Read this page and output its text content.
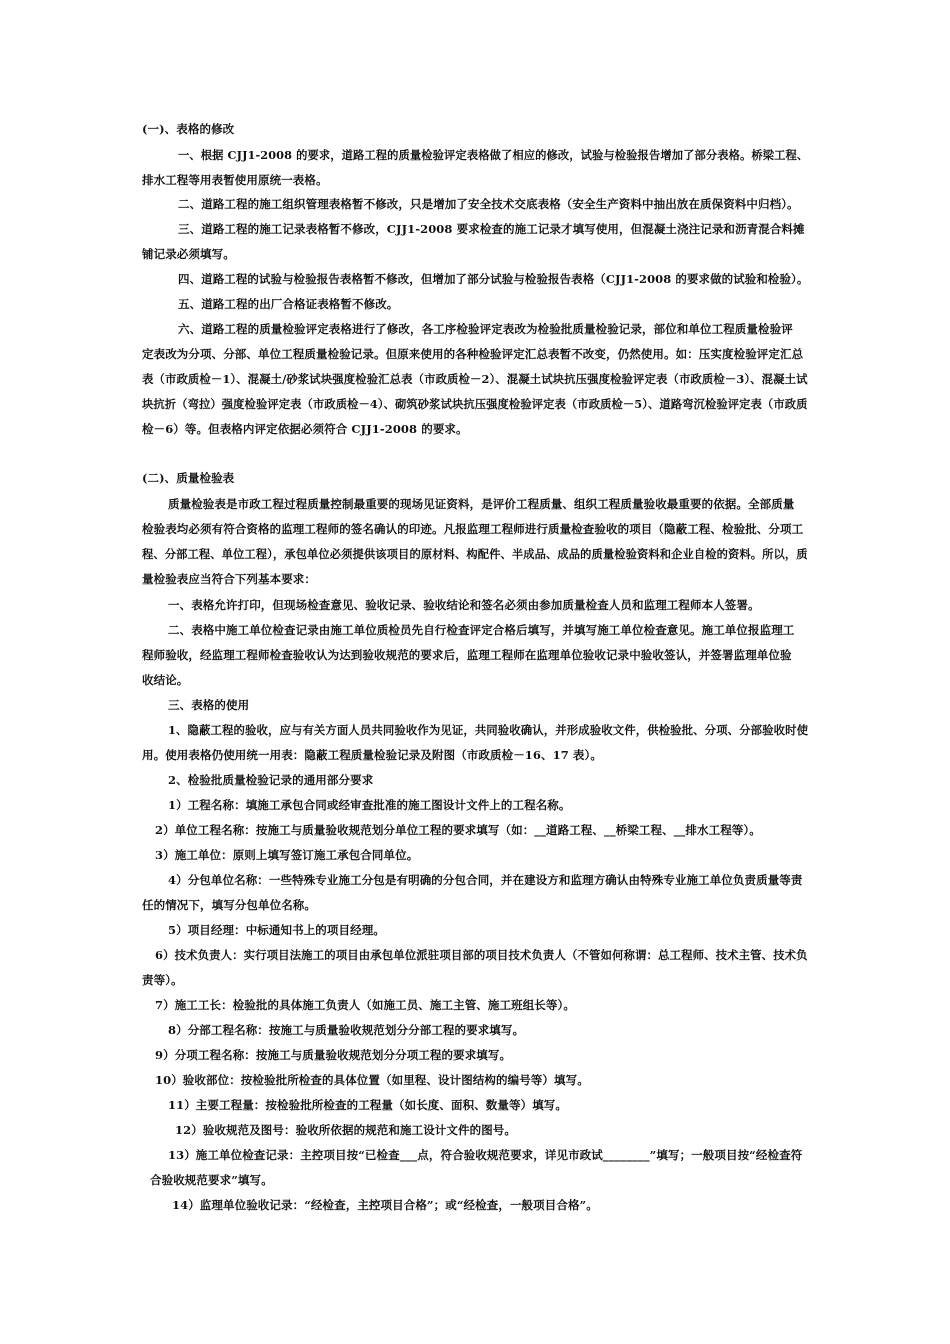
(一)、表格的修改
一、根据 CJJ1-2008 的要求，道路工程的质量检验评定表格做了相应的修改，试验与检验报告增加了部分表格。桥梁工程、
排水工程等用表暂使用原统一表格。
二、道路工程的施工组织管理表格暂不修改，只是增加了安全技术交底表格（安全生产资料中抽出放在质保资料中归档）。
三、道路工程的施工记录表格暂不修改，CJJ1-2008 要求检查的施工记录才填写使用，但混凝土浇注记录和沥青混合料摊
铺记录必须填写。
四、道路工程的试验与检验报告表格暂不修改，但增加了部分试验与检验报告表格（CJJ1-2008 的要求做的试验和检验）。
五、道路工程的出厂合格证表格暂不修改。
六、道路工程的质量检验评定表格进行了修改，各工序检验评定表改为检验批质量检验记录，部位和单位工程质量检验评
定表改为分项、分部、单位工程质量检验记录。但原来使用的各种检验评定汇总表暂不改变，仍然使用。如：压实度检验评定汇总
表（市政质检－1）、混凝土/砂浆试块强度检验汇总表（市政质检－2）、混凝土试块抗压强度检验评定表（市政质检－3）、混凝土试
块抗折（弯拉）强度检验评定表（市政质检－4）、砌筑砂浆试块抗压强度检验评定表（市政质检－5）、道路弯沉检验评定表（市政质
检－6）等。但表格内评定依据必须符合 CJJ1-2008 的要求。
(二)、质量检验表
质量检验表是市政工程过程质量控制最重要的现场见证资料，是评价工程质量、组织工程质量验收最重要的依据。全部质量
检验表均必须有符合资格的监理工程师的签名确认的印迹。凡报监理工程师进行质量检查验收的项目（隐蔽工程、检验批、分项工
程、分部工程、单位工程），承包单位必须提供该项目的原材料、构配件、半成品、成品的质量检验资料和企业自检的资料。所以，质
量检验表应当符合下列基本要求：
一、表格允许打印，但现场检查意见、验收记录、验收结论和签名必须由参加质量检查人员和监理工程师本人签署。
二、表格中施工单位检查记录由施工单位质检员先自行检查评定合格后填写，并填写施工单位检查意见。施工单位报监理工
程师验收，经监理工程师检查验收认为达到验收规范的要求后，监理工程师在监理单位验收记录中验收签认，并签署监理单位验
收结论。
三、表格的使用
1、隐蔽工程的验收，应与有关方面人员共同验收作为见证，共同验收确认，并形成验收文件，供检验批、分项、分部验收时使
用。使用表格仍使用统一用表：隐蔽工程质量检验记录及附图（市政质检－16、17 表）。
2、检验批质量检验记录的通用部分要求
1）工程名称：填施工承包合同或经审查批准的施工图设计文件上的工程名称。
2）单位工程名称：按施工与质量验收规范划分单位工程的要求填写（如：__道路工程、__桥梁工程、__排水工程等）。
3）施工单位：原则上填写签订施工承包合同单位。
4）分包单位名称：一些特殊专业施工分包是有明确的分包合同，并在建设方和监理方确认由特殊专业施工单位负责质量等责
任的情况下，填写分包单位名称。
5）项目经理：中标通知书上的项目经理。
6）技术负责人：实行项目法施工的项目由承包单位派驻项目部的项目技术负责人（不管如何称谓：总工程师、技术主管、技术负
责等）。
7）施工工长：检验批的具体施工负责人（如施工员、施工主管、施工班组长等）。
8）分部工程名称：按施工与质量验收规范划分分部工程的要求填写。
9）分项工程名称：按施工与质量验收规范划分分项工程的要求填写。
10）验收部位：按检验批所检查的具体位置（如里程、设计图结构的编号等）填写。
11）主要工程量：按检验批所检查的工程量（如长度、面积、数量等）填写。
12）验收规范及图号：验收所依据的规范和施工设计文件的图号。
13）施工单位检查记录：主控项目按“已检查___点，符合验收规范要求，详见市政试________”填写；一般项目按“经检查符
合验收规范要求”填写。
14）监理单位验收记录：“经检查，主控项目合格”；或“经检查，一般项目合格”。
